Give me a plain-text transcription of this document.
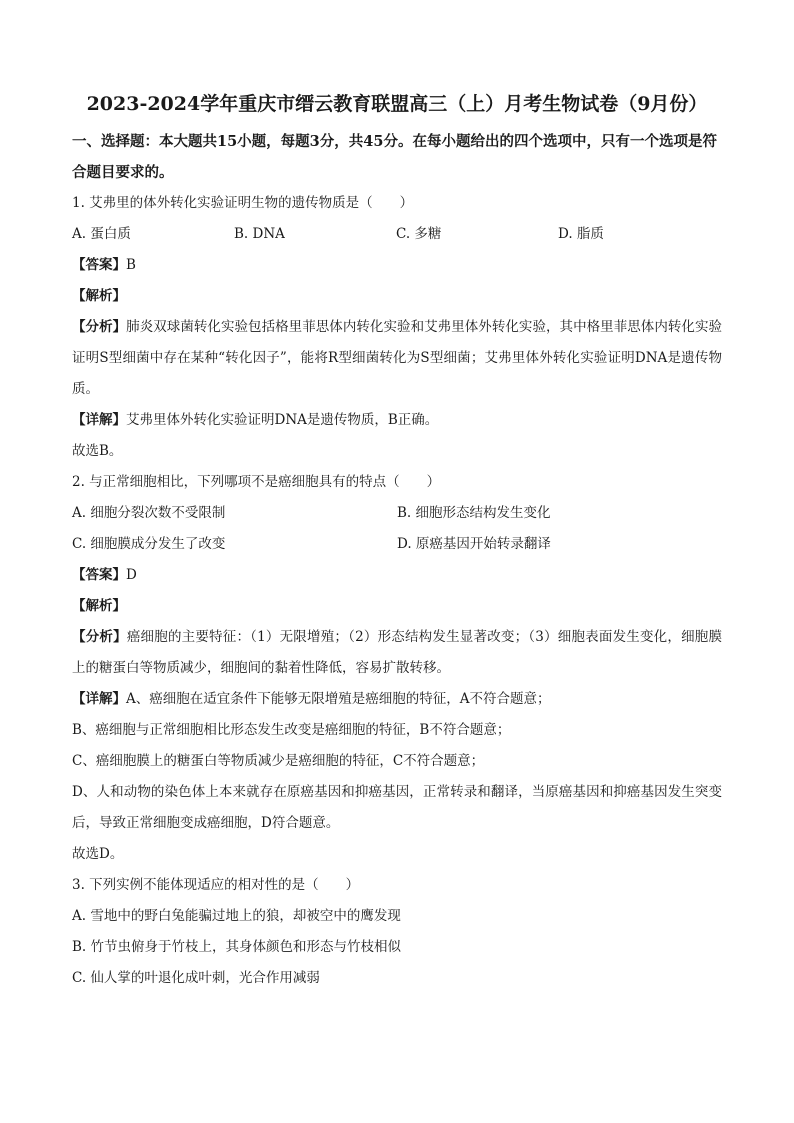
2023-2024学年重庆市缙云教育联盟高三（上）月考生物试卷（9月份）

一、选择题：本大题共15小题，每题3分，共45分。在每小题给出的四个选项中，只有一个选项是符合题目要求的。

1. 艾弗里的体外转化实验证明生物的遗传物质是（　　）

A. 蛋白质	B. DNA	C. 多糖	D. 脂质

【答案】B

【解析】

【分析】肺炎双球菌转化实验包括格里菲思体内转化实验和艾弗里体外转化实验，其中格里菲思体内转化实验证明S型细菌中存在某种“转化因子”，能将R型细菌转化为S型细菌；艾弗里体外转化实验证明DNA是遗传物质。

【详解】艾弗里体外转化实验证明DNA是遗传物质，B正确。

故选B。

2. 与正常细胞相比，下列哪项不是癌细胞具有的特点（　　）

A. 细胞分裂次数不受限制	B. 细胞形态结构发生变化
C. 细胞膜成分发生了改变	D. 原癌基因开始转录翻译

【答案】D

【解析】

【分析】癌细胞的主要特征：（1）无限增殖；（2）形态结构发生显著改变；（3）细胞表面发生变化，细胞膜上的糖蛋白等物质减少，细胞间的黏着性降低，容易扩散转移。

【详解】A、癌细胞在适宜条件下能够无限增殖是癌细胞的特征，A不符合题意；

B、癌细胞与正常细胞相比形态发生改变是癌细胞的特征，B不符合题意；

C、癌细胞膜上的糖蛋白等物质减少是癌细胞的特征，C不符合题意；

D、人和动物的染色体上本来就存在原癌基因和抑癌基因，正常转录和翻译，当原癌基因和抑癌基因发生突变后，导致正常细胞变成癌细胞，D符合题意。

故选D。

3. 下列实例不能体现适应的相对性的是（　　）

A. 雪地中的野白兔能骗过地上的狼，却被空中的鹰发现

B. 竹节虫俯身于竹枝上，其身体颜色和形态与竹枝相似

C. 仙人掌的叶退化成叶刺，光合作用减弱
